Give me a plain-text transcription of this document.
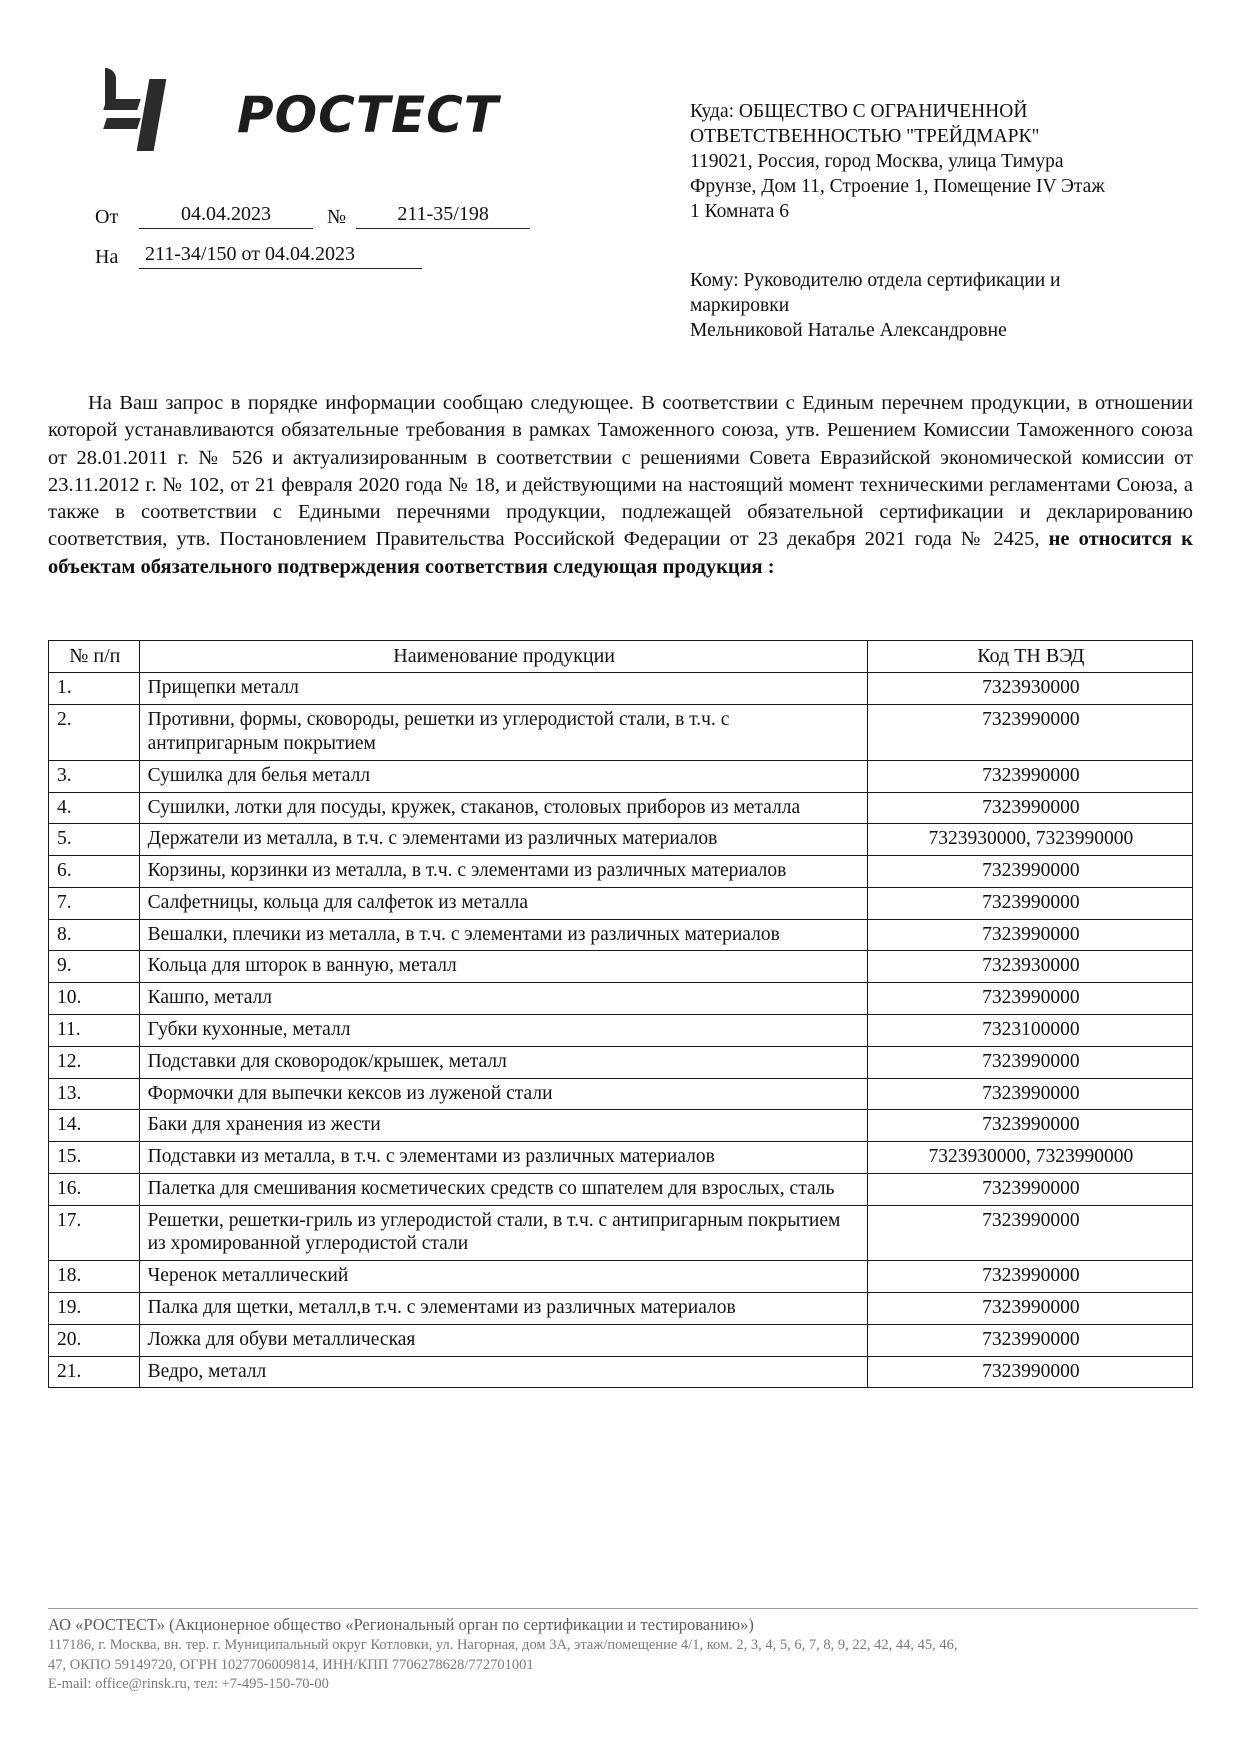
РОСТЕСТ
От	04.04.2023	№	211-35/198
На	211-34/150 от 04.04.2023

Куда: ОБЩЕСТВО С ОГРАНИЧЕННОЙ

ОТВЕТСТВЕННОСТЬЮ "ТРЕЙДМАРК"

119021, Россия, город Москва, улица Тимура

Фрунзе, Дом 11, Строение 1, Помещение IV Этаж

1 Комната 6

Кому: Руководителю отдела сертификации и

маркировки

Мельниковой Наталье Александровне

На Ваш запрос в порядке информации сообщаю следующее. В соответствии с Единым перечнем продукции, в отношении которой устанавливаются обязательные требования в рамках Таможенного союза, утв. Решением Комиссии Таможенного союза от 28.01.2011 г. № 526 и актуализированным в соответствии с решениями Совета Евразийской экономической комиссии от 23.11.2012 г. № 102, от 21 февраля 2020 года № 18, и действующими на настоящий момент техническими регламентами Союза, а также в соответствии с Едиными перечнями продукции, подлежащей обязательной сертификации и декларированию соответствия, утв. Постановлением Правительства Российской Федерации от 23 декабря 2021 года № 2425, не относится к объектам обязательного подтверждения соответствия следующая продукция :
№ п/п	Наименование продукции	Код ТН ВЭД
1.	Прищепки металл	7323930000
2.	Противни, формы, сковороды, решетки из углеродистой стали, в т.ч. с антипригарным покрытием	7323990000
3.	Сушилка для белья металл	7323990000
4.	Сушилки, лотки для посуды, кружек, стаканов, столовых приборов из металла	7323990000
5.	Держатели из металла, в т.ч. с элементами из различных материалов	7323930000, 7323990000
6.	Корзины, корзинки из металла, в т.ч. с элементами из различных материалов	7323990000
7.	Салфетницы, кольца для салфеток из металла	7323990000
8.	Вешалки, плечики из металла, в т.ч. с элементами из различных материалов	7323990000
9.	Кольца для шторок в ванную, металл	7323930000
10.	Кашпо, металл	7323990000
11.	Губки кухонные, металл	7323100000
12.	Подставки для сковородок/крышек, металл	7323990000
13.	Формочки для выпечки кексов из луженой стали	7323990000
14.	Баки для хранения из жести	7323990000
15.	Подставки из металла, в т.ч. с элементами из различных материалов	7323930000, 7323990000
16.	Палетка для смешивания косметических средств со шпателем для взрослых, сталь	7323990000
17.	Решетки, решетки-гриль из углеродистой стали, в т.ч. с антипригарным покрытием из хромированной углеродистой стали	7323990000
18.	Черенок металлический	7323990000
19.	Палка для щетки, металл,в т.ч. с элементами из различных материалов	7323990000
20.	Ложка для обуви металлическая	7323990000
21.	Ведро, металл	7323990000
АО «РОСТЕСТ» (Акционерное общество «Региональный орган по сертификации и тестированию»)
117186, г. Москва, вн. тер. г. Муниципальный округ Котловки, ул. Нагорная, дом 3А, этаж/помещение 4/1, ком. 2, 3, 4, 5, 6, 7, 8, 9, 22, 42, 44, 45, 46,
47, ОКПО 59149720, ОГРН 1027706009814, ИНН/КПП 7706278628/772701001
E-mail: office@rinsk.ru, тел: +7-495-150-70-00
